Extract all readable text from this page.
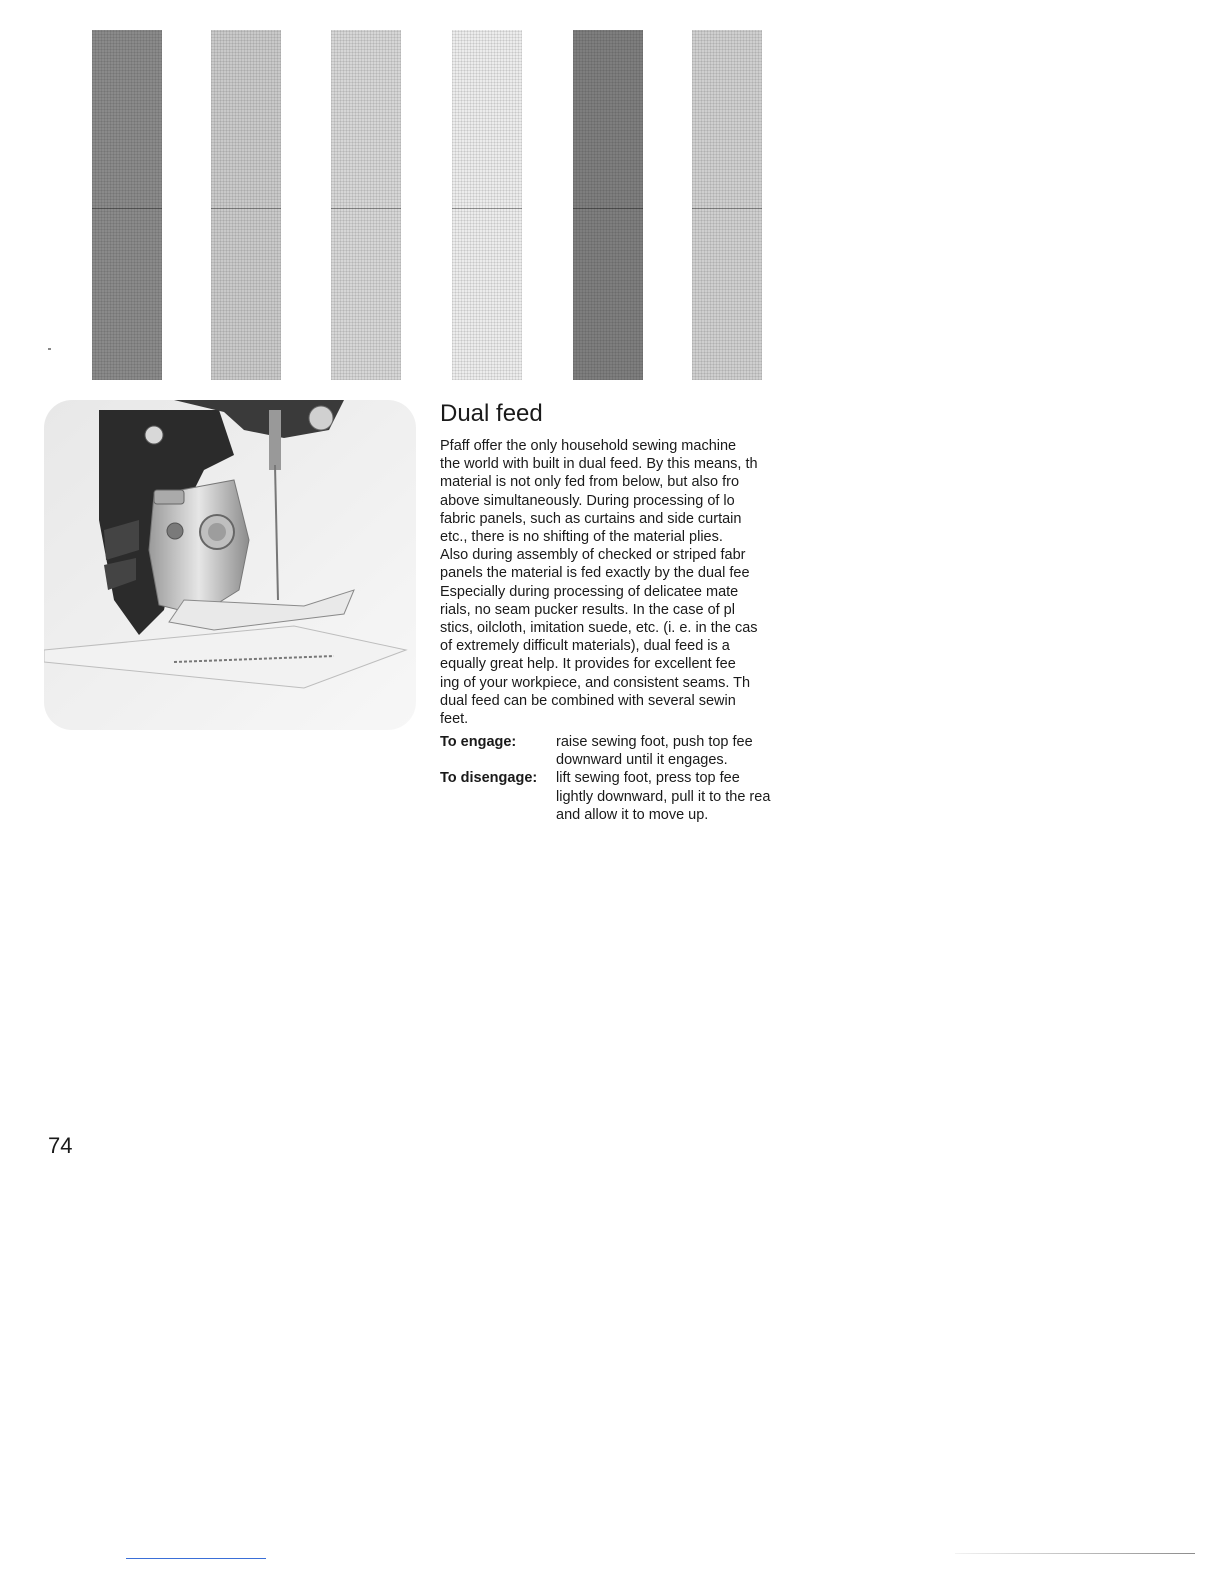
Dual feed
Pfaff offer the only household sewing machine
the world with built in dual feed. By this means, th
material is not only fed from below, but also fro
above simultaneously. During processing of lo
fabric panels, such as curtains and side curtain
etc., there is no shifting of the material plies.
Also during assembly of checked or striped fabr
panels the material is fed exactly by the dual fee
Especially during processing of delicatee mate
rials, no seam pucker results. In the case of pl
stics, oilcloth, imitation suede, etc. (i. e. in the cas
of extremely difficult materials), dual feed is a
equally great help. It provides for excellent fee
ing of your workpiece, and consistent seams. Th
dual feed can be combined with several sewin
feet.
To engage:	raise sewing foot, push top fee
downward until it engages.
To disengage:	lift sewing foot, press top fee
lightly downward, pull it to the rea
and allow it to move up.
74
